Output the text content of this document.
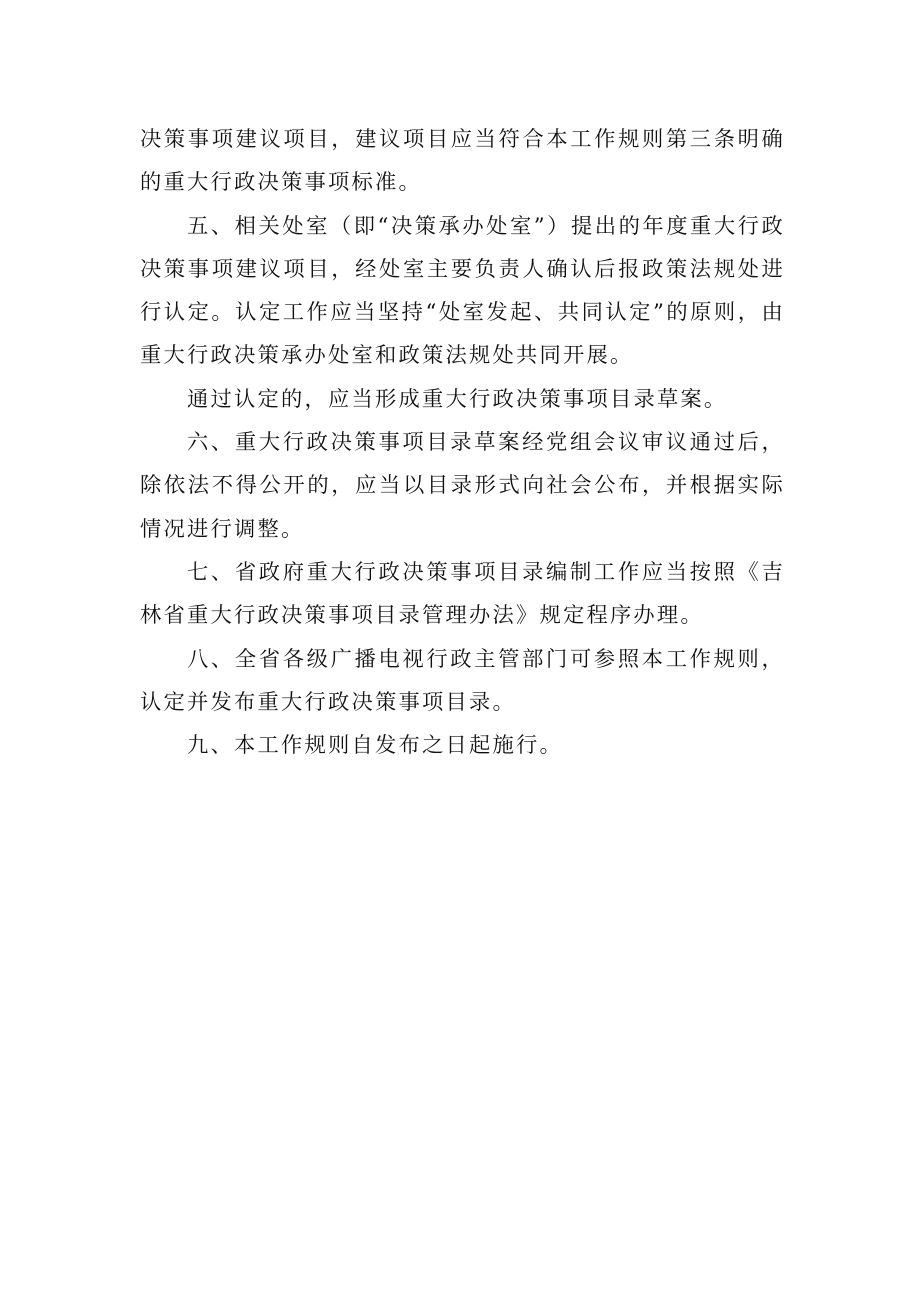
决策事项建议项目，建议项目应当符合本工作规则第三条明确的重大行政决策事项标准。

五、相关处室（即“决策承办处室”）提出的年度重大行政决策事项建议项目，经处室主要负责人确认后报政策法规处进行认定。认定工作应当坚持“处室发起、共同认定”的原则，由重大行政决策承办处室和政策法规处共同开展。

通过认定的，应当形成重大行政决策事项目录草案。

六、重大行政决策事项目录草案经党组会议审议通过后，除依法不得公开的，应当以目录形式向社会公布，并根据实际情况进行调整。

七、省政府重大行政决策事项目录编制工作应当按照《吉林省重大行政决策事项目录管理办法》规定程序办理。

八、全省各级广播电视行政主管部门可参照本工作规则，认定并发布重大行政决策事项目录。

九、本工作规则自发布之日起施行。
